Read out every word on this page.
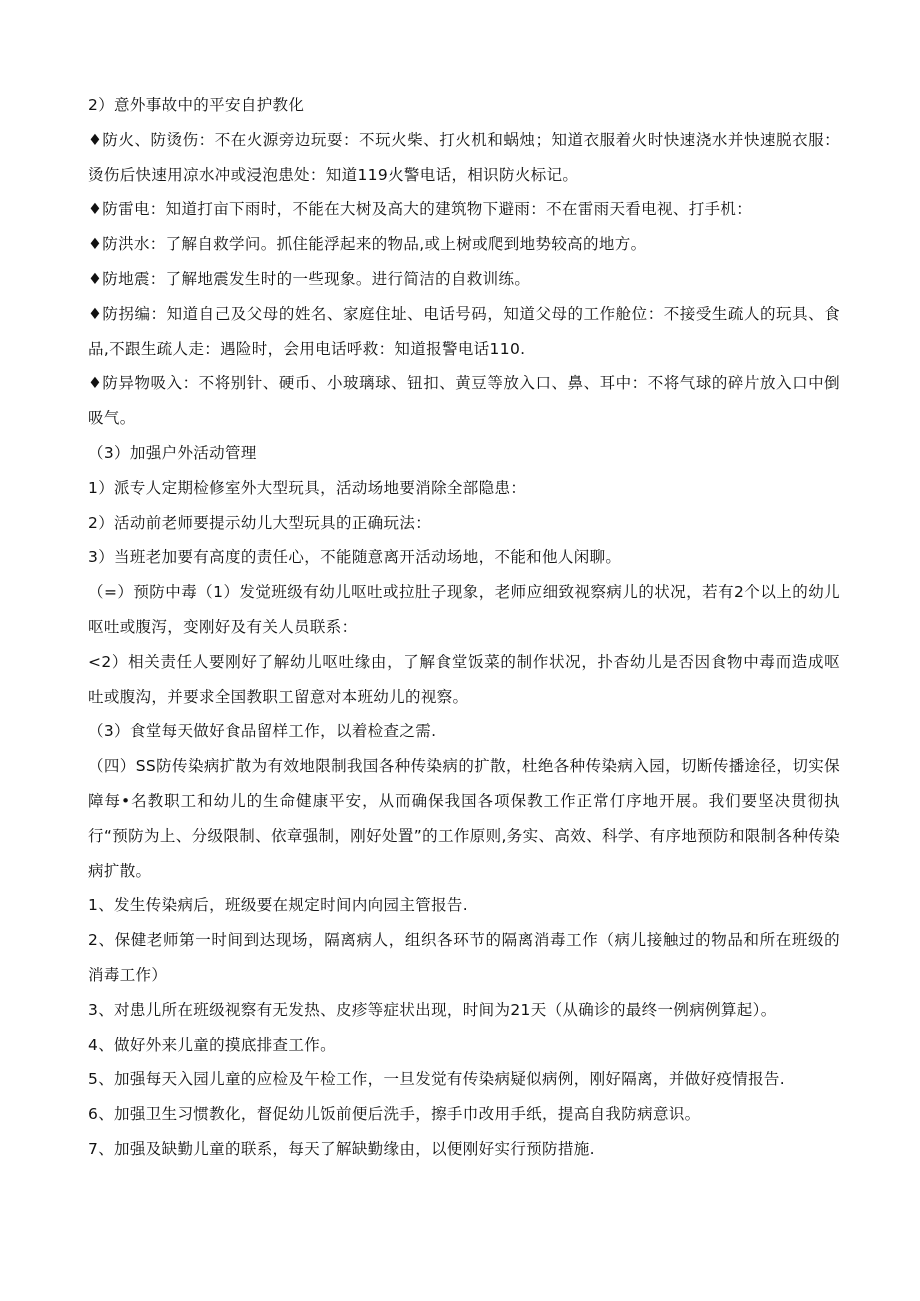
2）意外事故中的平安自护教化

♦防火、防烫伤：不在火源旁边玩耍：不玩火柴、打火机和蜗烛；知道衣服着火时快速浇水并快速脱衣服：烫伤后快速用凉水冲或浸泡患处：知道119火警电话，相识防火标记。

♦防雷电：知道打亩下雨时，不能在大树及高大的建筑物下避雨：不在雷雨天看电视、打手机：

♦防洪水：了解自救学问。抓住能浮起来的物品,或上树或爬到地势较高的地方。

♦防地震：了解地震发生时的一些现象。进行简洁的自救训练。

♦防拐编：知道自己及父母的姓名、家庭住址、电话号码，知道父母的工作舱位：不接受生疏人的玩具、食品,不跟生疏人走：遇险时，会用电话呼救：知道报警电话110.

♦防异物吸入：不将别针、硬币、小玻璃球、钮扣、黄豆等放入口、鼻、耳中：不将气球的碎片放入口中倒吸气。

（3）加强户外活动管理

1）派专人定期检修室外大型玩具，活动场地要消除全部隐患：

2）活动前老师要提示幼儿大型玩具的正确玩法：

3）当班老加要有高度的责任心，不能随意离开活动场地，不能和他人闲聊。

（=）预防中毒（1）发觉班级有幼儿呕吐或拉肚子现象，老师应细致视察病儿的状况，若有2个以上的幼儿呕吐或腹泻，变刚好及有关人员联系：

<2）相关责任人要刚好了解幼儿呕吐缘由，了解食堂饭菜的制作状况，扑杳幼儿是否因食物中毒而造成呕吐或腹沟，并要求全国教职工留意对本班幼儿的视察。

（3）食堂每天做好食品留样工作，以着检查之需.

（四）SS防传染病扩散为有效地限制我国各种传染病的扩散，杜绝各种传染病入园，切断传播途径，切实保障每•名教职工和幼儿的生命健康平安，从而确保我国各项保教工作正常仃序地开展。我们要坚决贯彻执行“预防为上、分级限制、依章强制，刚好处置”的工作原则,务实、高效、科学、有序地预防和限制各种传染病扩散。

1、发生传染病后，班级要在规定时间内向园主管报告.

2、保健老师第一时间到达现场，隔离病人，组织各环节的隔离消毒工作（病儿接触过的物品和所在班级的消毒工作）

3、对患儿所在班级视察有无发热、皮疹等症状出现，时间为21天（从确诊的最终一例病例算起）。

4、做好外来儿童的摸底排查工作。

5、加强每天入园儿童的应检及午检工作，一旦发觉有传染病疑似病例，刚好隔离，并做好疫情报告.

6、加强卫生习惯教化，督促幼儿饭前便后洗手，擦手巾改用手纸，提高自我防病意识。

7、加强及缺勤儿童的联系，每天了解缺勤缘由，以便刚好实行预防措施.
